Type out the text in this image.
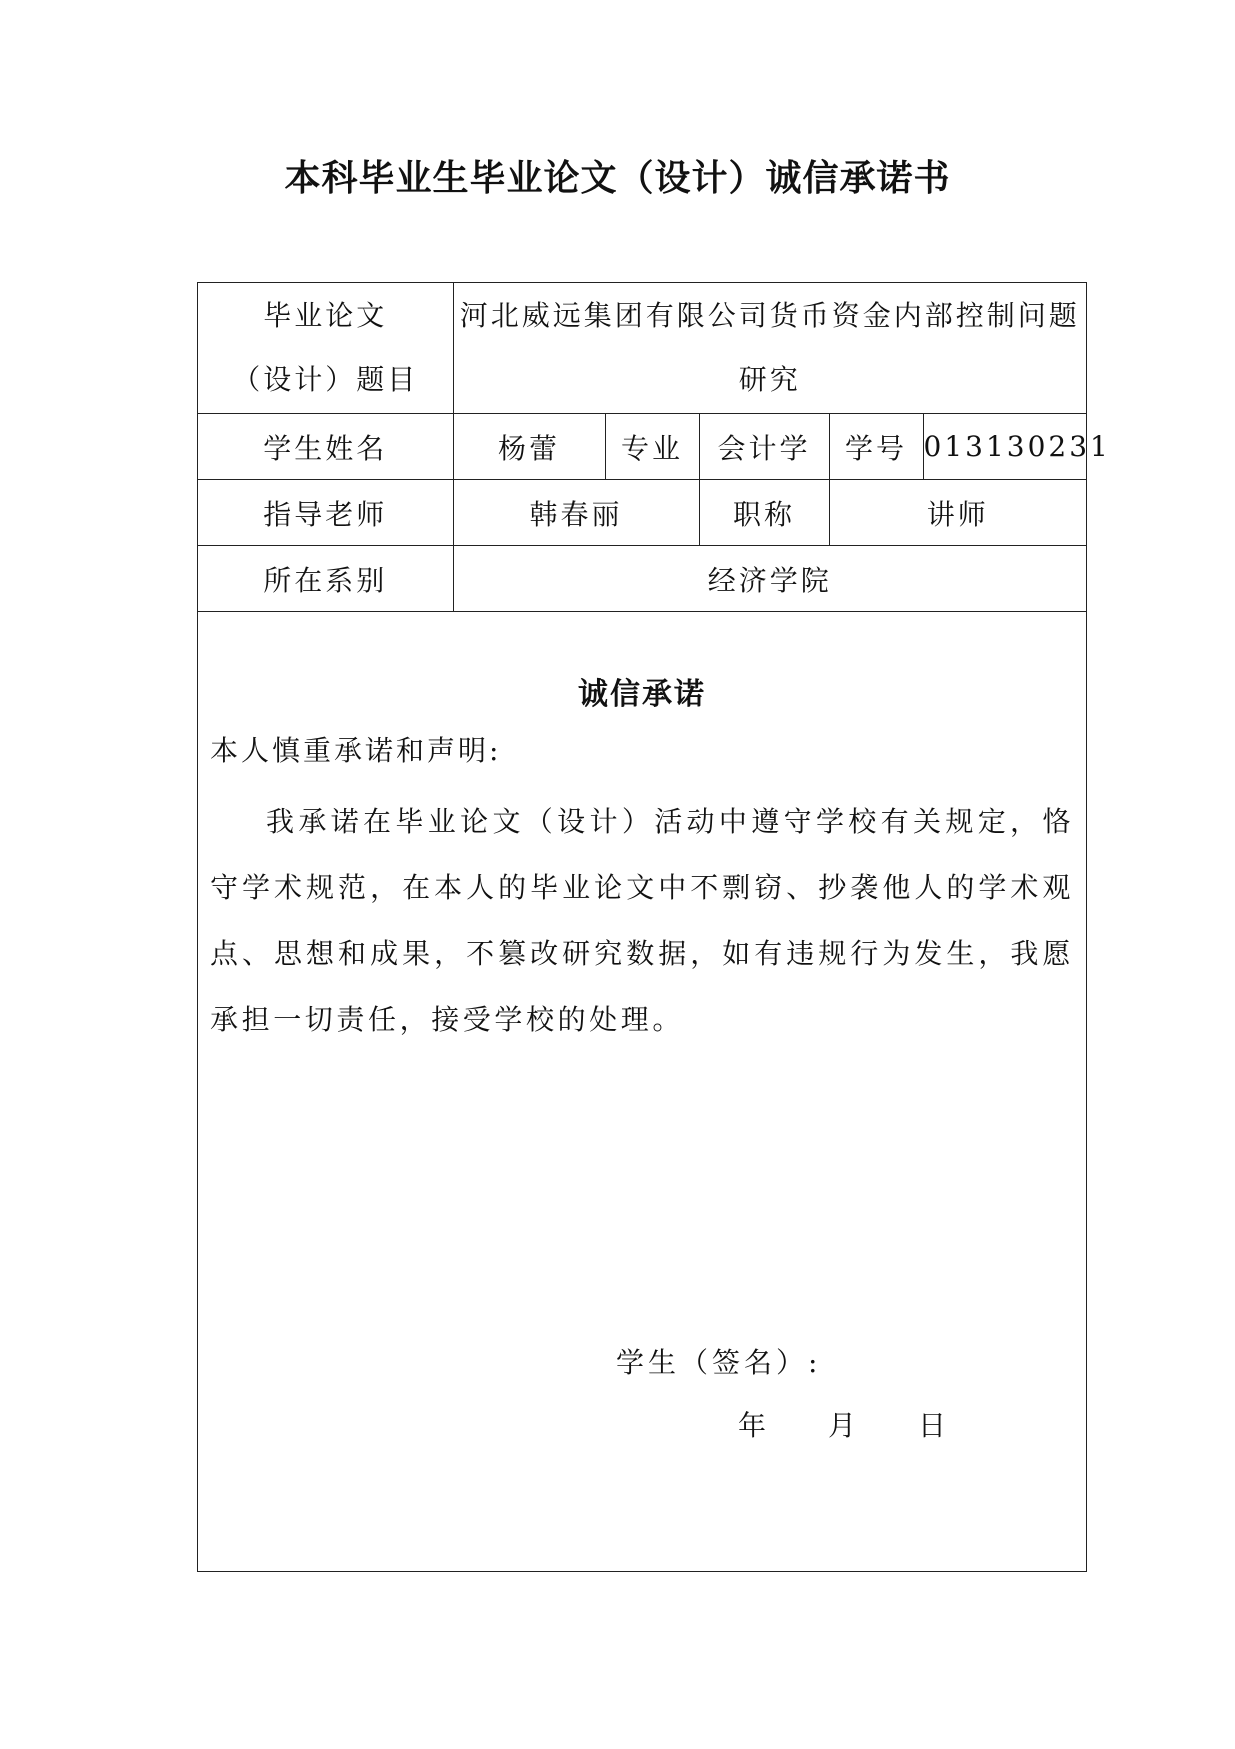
本科毕业生毕业论文（设计）诚信承诺书
毕业论文
（设计）题目	河北威远集团有限公司货币资金内部控制问题研究				
学生姓名	杨蕾	专业	会计学	学号	013130231
指导老师	韩春丽		职称	讲师	
所在系别	经济学院				
诚信承诺
本人慎重承诺和声明:
我承诺在毕业论文（设计）活动中遵守学校有关规定，恪守学术规范，在本人的毕业论文中不剽窃、抄袭他人的学术观点、思想和成果，不篡改研究数据，如有违规行为发生，我愿承担一切责任，接受学校的处理。
学生（签名）:
年 月 日
